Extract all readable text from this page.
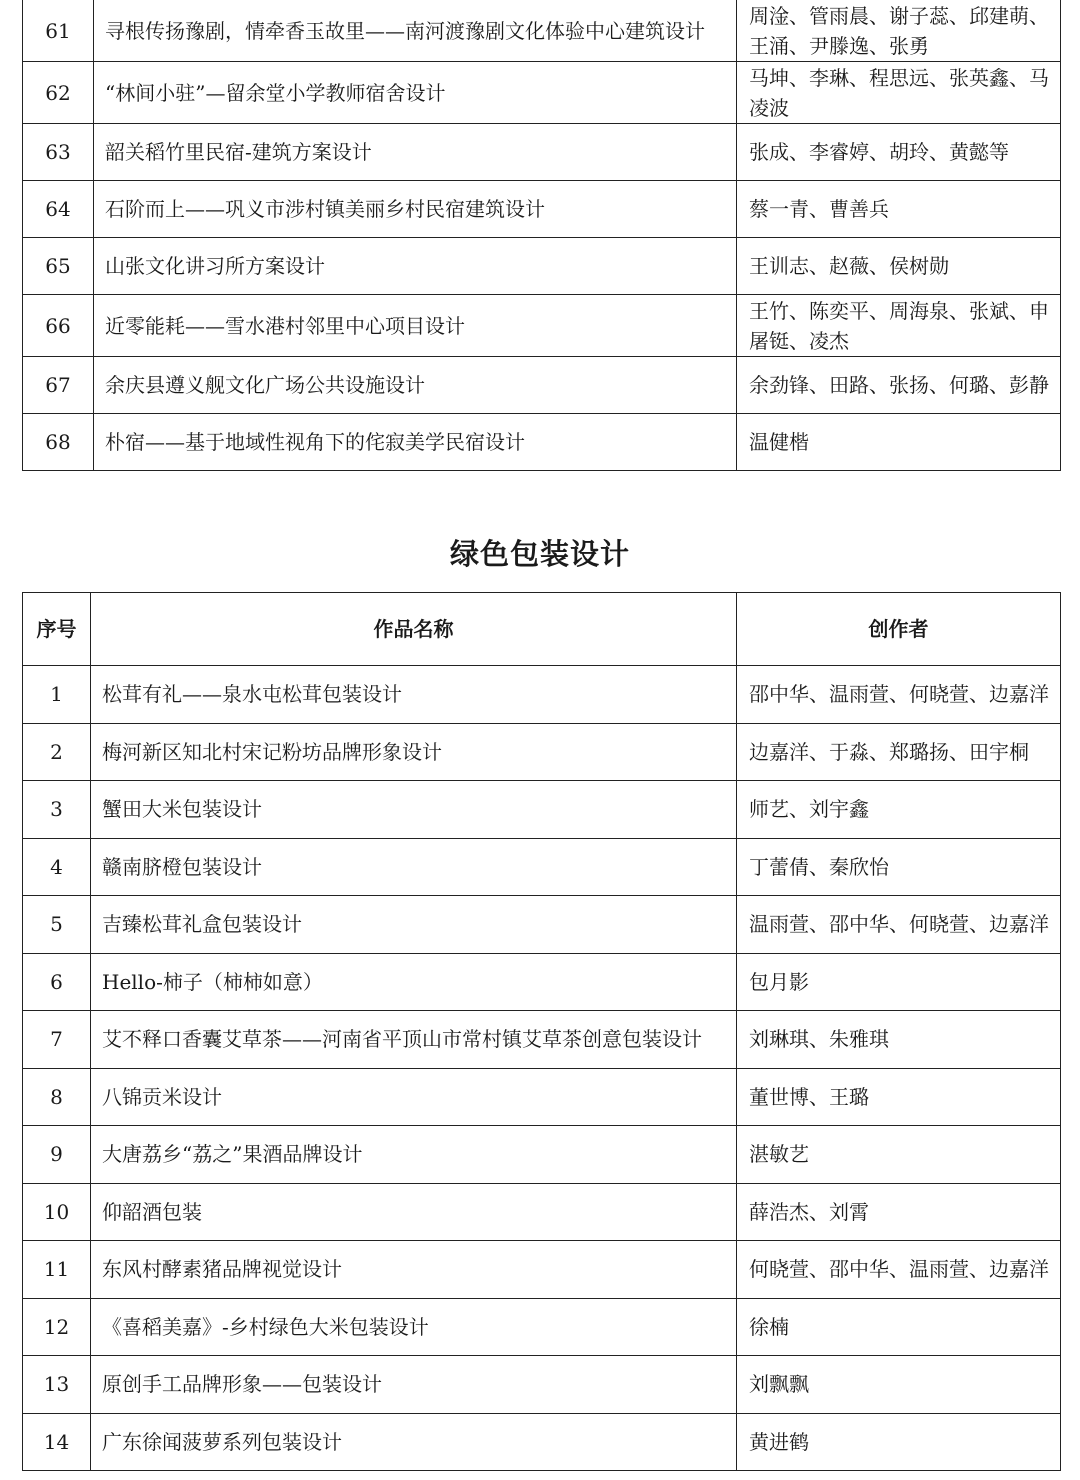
61	寻根传扬豫剧，情牵香玉故里——南河渡豫剧文化体验中心建筑设计	周淦、管雨晨、谢子蕊、邱建萌、王涌、尹滕逸、张勇
62	“林间小驻”—留余堂小学教师宿舍设计	马坤、李琳、程思远、张英鑫、马凌波
63	韶关稻竹里民宿-建筑方案设计	张成、李睿婷、胡玲、黄懿等
64	石阶而上——巩义市涉村镇美丽乡村民宿建筑设计	蔡一青、曹善兵
65	山张文化讲习所方案设计	王训志、赵薇、侯树勋
66	近零能耗——雪水港村邻里中心项目设计	王竹、陈奕平、周海泉、张斌、申屠铤、凌杰
67	余庆县遵义舰文化广场公共设施设计	余劲锋、田路、张扬、何璐、彭静
68	朴宿——基于地域性视角下的侘寂美学民宿设计	温健楷
绿色包装设计
序号	作品名称	创作者
1	松茸有礼——泉水屯松茸包装设计	邵中华、温雨萱、何晓萱、边嘉洋
2	梅河新区知北村宋记粉坊品牌形象设计	边嘉洋、于淼、郑璐扬、田宇桐
3	蟹田大米包装设计	师艺、刘宇鑫
4	赣南脐橙包装设计	丁蕾倩、秦欣怡
5	吉臻松茸礼盒包装设计	温雨萱、邵中华、何晓萱、边嘉洋
6	Hello-柿子（柿柿如意）	包月影
7	艾不释口香囊艾草茶——河南省平顶山市常村镇艾草茶创意包装设计	刘琳琪、朱雅琪
8	八锦贡米设计	董世博、王璐
9	大唐荔乡“荔之”果酒品牌设计	湛敏艺
10	仰韶酒包装	薛浩杰、刘霄
11	东风村酵素猪品牌视觉设计	何晓萱、邵中华、温雨萱、边嘉洋
12	《喜稻美嘉》-乡村绿色大米包装设计	徐楠
13	原创手工品牌形象——包装设计	刘飘飘
14	广东徐闻菠萝系列包装设计	黄进鹤
